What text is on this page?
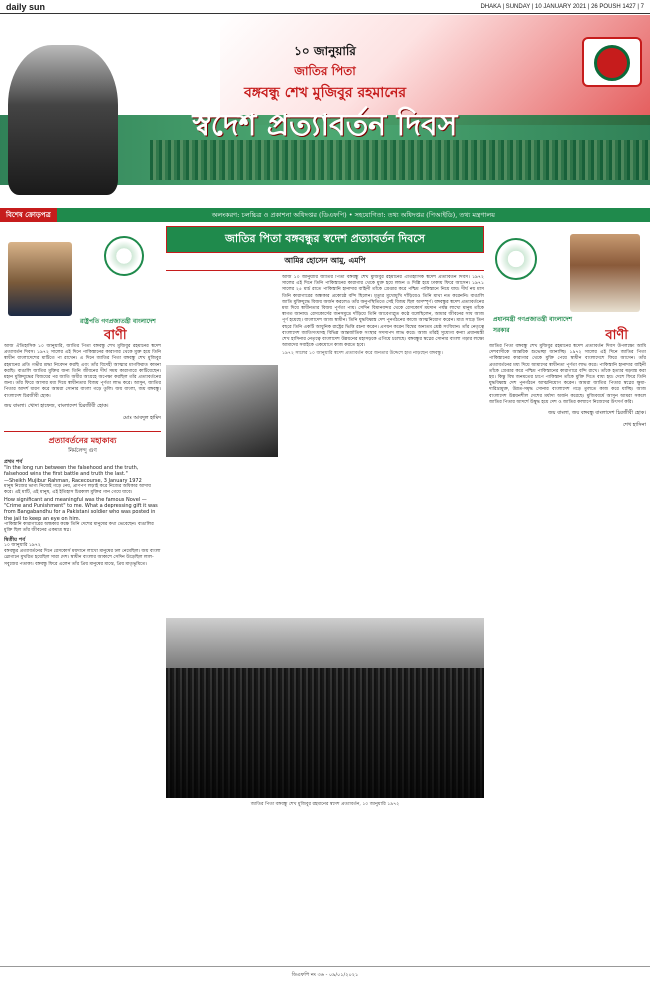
daily sun	DHAKA | SUNDAY | 10 JANUARY 2021 | 26 POUSH 1427 | 7
১০ জানুয়ারি
জাতির পিতা
বঙ্গবন্ধু শেখ মুজিবুর রহমানের
স্বদেশ প্রত্যাবর্তন দিবস
বিশেষ ক্রোড়পত্র	অলংকরণ: চলচ্চিত্র ও প্রকাশনা অধিদপ্তর (ডিএফপি) • সহযোগিতা: তথ্য অধিদপ্তর (পিআইডি), তথ্য মন্ত্রণালয়
রাষ্ট্রপতি গণপ্রজাতন্ত্রী বাংলাদেশ
বাণী

আজ ঐতিহাসিক ১০ জানুয়ারি, জাতির পিতা বঙ্গবন্ধু শেখ মুজিবুর রহমানের স্বদেশ প্রত্যাবর্তন দিবস। ১৯৭২ সালের এই দিনে পাকিস্তানের কারাগার থেকে মুক্ত হয়ে তিনি স্বাধীন বাংলাদেশের মাটিতে পা রাখেন। এ দিনে জাতির পিতা বঙ্গবন্ধু শেখ মুজিবুর রহমানের প্রতি গভীর শ্রদ্ধা নিবেদন করছি এবং তাঁর বিদেহী আত্মার মাগফিরাত কামনা করছি। বাঙালি জাতির মুক্তির জন্য তিনি জীবনের দীর্ঘ সময় কারাগারে কাটিয়েছেন। মহান মুক্তিযুদ্ধের বিজয়ের পর জাতি অধীর আগ্রহে অপেক্ষা করছিল তাঁর প্রত্যাবর্তনের জন্য। তাঁর ফিরে আসার মধ্য দিয়ে স্বাধীনতার বিজয় পূর্ণতা লাভ করে। আসুন, জাতির পিতার আদর্শ ধারণ করে আমরা সোনার বাংলা গড়ে তুলি। জয় বাংলা, জয় বঙ্গবন্ধু। বাংলাদেশ চিরজীবী হোক।

জয় বাংলা। খোদা হাফেজ, বাংলাদেশ চিরজীবী হোক।

মোঃ আবদুল হামিদ

প্রত্যাবর্তনের মহাকাব্য
নির্মলেন্দু গুণ
প্রথম পর্ব
"In the long run between the falsehood and the truth, falsehood wins the first battle and truth the last."
—Sheikh Mujibur Rahman, Racecourse, 3 January 1972
মানুষ নিজের ভাগ্য নিজেই গড়ে নেয়, প্রাণপণ লড়াই করে নিজের অধিকার আদায় করে। এই মাটি, এই মানুষ, এই ইতিহাস চিরকাল মুক্তির গান গেয়ে যাবে।
How significant and meaningful was the famous Novel — "Crime and Punishment" to me. What a depressing gift it was from Bangabandhu for a Pakistani soldier who was posted in the jail to keep an eye on him.
পাকিস্তানি কারাগারের অন্ধকার কক্ষে তিনি দেশের মানুষের কথা ভেবেছেন। বাঙালির মুক্তি ছিল তাঁর জীবনের একমাত্র স্বপ্ন।
দ্বিতীয় পর্ব
১০ জানুয়ারি ১৯৭২
বঙ্গবন্ধুর প্রত্যাবর্তনের দিনে রেসকোর্স ময়দানে লাখো মানুষের ঢল নেমেছিল। জয় বাংলা স্লোগানে মুখরিত হয়েছিল সারা দেশ। স্বাধীন বাংলার আকাশে সেদিন উড়েছিল লাল-সবুজের পতাকা। বঙ্গবন্ধু ফিরে এলেন তাঁর প্রিয় মানুষের মাঝে, প্রিয় মাতৃভূমিতে।
জাতির পিতা বঙ্গবন্ধুর স্বদেশ প্রত্যাবর্তন দিবসে
আমির হোসেন আমু, এমপি

আজ ১০ জানুয়ারি জাতির পিতা বঙ্গবন্ধু শেখ মুজিবুর রহমানের ঐতিহাসিক স্বদেশ প্রত্যাবর্তন দিবস। ১৯৭২ সালের এই দিনে তিনি পাকিস্তানের কারাগার থেকে মুক্ত হয়ে লন্ডন ও দিল্লি হয়ে ঢাকায় ফিরে আসেন। ১৯৭১ সালের ২৫ মার্চ রাতে পাকিস্তানি হানাদার বাহিনী তাঁকে গ্রেপ্তার করে পশ্চিম পাকিস্তানে নিয়ে যায়। দীর্ঘ নয় মাস তিনি কারাগারের অন্ধকার প্রকোষ্ঠে বন্দি ছিলেন। মৃত্যুর মুখোমুখি দাঁড়িয়েও তিনি মাথা নত করেননি। বাঙালি জাতি মুক্তিযুদ্ধে বিজয় অর্জন করলেও তাঁর অনুপস্থিতিতে সেই বিজয় ছিল অসম্পূর্ণ। বঙ্গবন্ধুর স্বদেশ প্রত্যাবর্তনের মধ্য দিয়ে স্বাধীনতার বিজয় পূর্ণতা পায়। সেদিন বিমানবন্দর থেকে রেসকোর্স ময়দান পর্যন্ত লাখো মানুষ তাঁকে স্বাগত জানায়। রেসকোর্সের জনসমুদ্রে দাঁড়িয়ে তিনি আবেগাপ্লুত কণ্ঠে বলেছিলেন, আমার জীবনের সাধ আজ পূর্ণ হয়েছে। বাংলাদেশ আজ স্বাধীন। তিনি যুদ্ধবিধ্বস্ত দেশ পুনর্গঠনের কাজে আত্মনিয়োগ করেন। মাত্র সাড়ে তিন বছরে তিনি একটি আধুনিক রাষ্ট্রের ভিত্তি রচনা করেন। প্রণয়ন করেন বিশ্বের অন্যতম শ্রেষ্ঠ সংবিধান। তাঁর নেতৃত্বে বাংলাদেশ জাতিসংঘসহ বিভিন্ন আন্তর্জাতিক সংস্থার সদস্যপদ লাভ করে। আজ তাঁরই সুযোগ্য কন্যা প্রধানমন্ত্রী শেখ হাসিনার নেতৃত্বে বাংলাদেশ উন্নয়নের মহাসড়কে এগিয়ে চলেছে। বঙ্গবন্ধুর স্বপ্নের সোনার বাংলা গড়ার লক্ষ্যে আমাদের সবাইকে একযোগে কাজ করতে হবে।

১৯৭২ সালের ১০ জানুয়ারি স্বদেশ প্রত্যাবর্তন করে জনতার উদ্দেশে হাত নাড়ছেন বঙ্গবন্ধু।

জাতির পিতা বঙ্গবন্ধু শেখ মুজিবুর রহমানের স্বদেশ প্রত্যাবর্তন, ১০ জানুয়ারি ১৯৭২
প্রধানমন্ত্রী গণপ্রজাতন্ত্রী বাংলাদেশ সরকার	বাণী

জাতির পিতা বঙ্গবন্ধু শেখ মুজিবুর রহমানের স্বদেশ প্রত্যাবর্তন দিবস উপলক্ষ্যে আমি দেশবাসীকে আন্তরিক শুভেচ্ছা জানাচ্ছি। ১৯৭২ সালের এই দিনে জাতির পিতা পাকিস্তানের কারাগার থেকে মুক্তি পেয়ে স্বাধীন বাংলাদেশে ফিরে আসেন। তাঁর প্রত্যাবর্তনের মধ্য দিয়ে আমাদের স্বাধীনতা পূর্ণতা লাভ করে। পাকিস্তানি হানাদার বাহিনী তাঁকে গ্রেপ্তার করে পশ্চিম পাকিস্তানের কারাগারে বন্দি রাখে। তাঁকে হত্যার ষড়যন্ত্র করা হয়। কিন্তু বিশ্ব জনমতের চাপে পাকিস্তান তাঁকে মুক্তি দিতে বাধ্য হয়। দেশে ফিরে তিনি যুদ্ধবিধ্বস্ত দেশ পুনর্গঠনে আত্মনিয়োগ করেন। আমরা জাতির পিতার স্বপ্নের ক্ষুধা-দারিদ্র্যমুক্ত, উন্নত-সমৃদ্ধ সোনার বাংলাদেশ গড়ে তুলতে কাজ করে যাচ্ছি। আজ বাংলাদেশ উন্নয়নশীল দেশের মর্যাদা অর্জন করেছে। মুজিববর্ষে আসুন আমরা সকলে জাতির পিতার আদর্শে উদ্বুদ্ধ হয়ে দেশ ও জাতির কল্যাণে নিজেদের উৎসর্গ করি।

জয় বাংলা, জয় বঙ্গবন্ধু বাংলাদেশ চিরজীবী হোক।

শেখ হাসিনা

ডিএফপি নং ৩৬ - ০৯/০১/২০২১
